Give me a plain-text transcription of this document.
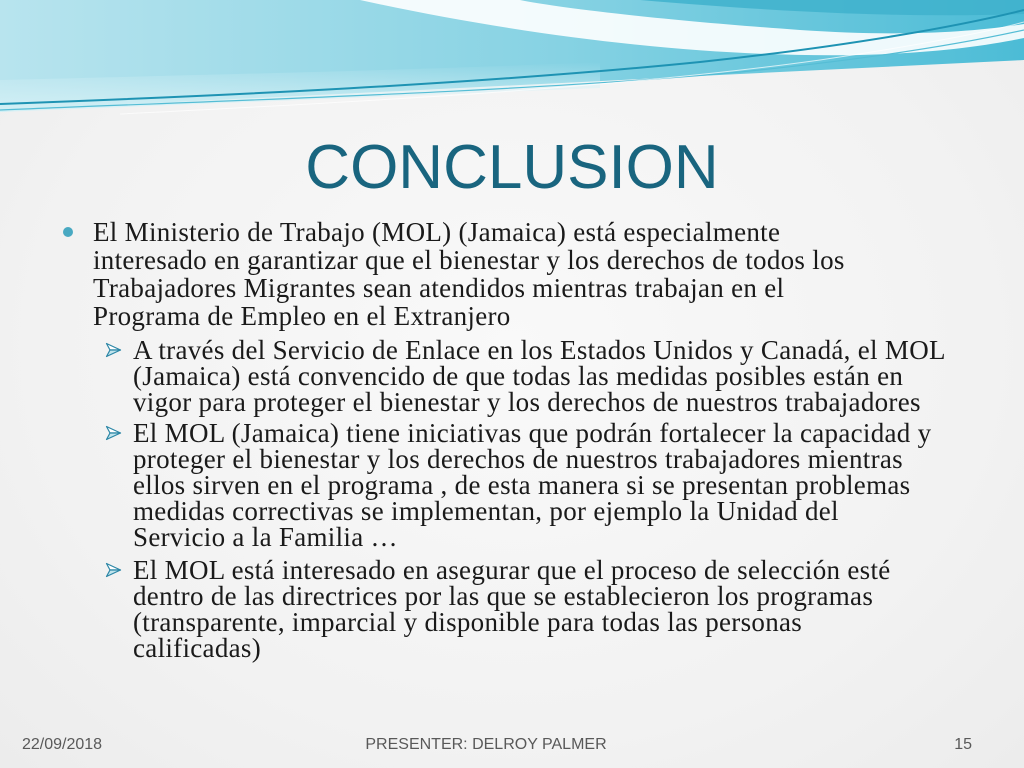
CONCLUSION
El Ministerio de Trabajo (MOL) (Jamaica) está especialmente
interesado en garantizar que el bienestar y los derechos de todos los
Trabajadores Migrantes sean atendidos mientras trabajan en el
Programa de Empleo en el Extranjero
A través del Servicio de Enlace en los Estados Unidos y Canadá, el MOL
(Jamaica) está convencido de que todas las medidas posibles están en
vigor para proteger el bienestar y los derechos de nuestros trabajadores
El MOL (Jamaica) tiene iniciativas que podrán fortalecer la capacidad y
proteger el bienestar y los derechos de nuestros trabajadores mientras
ellos sirven en el programa , de esta manera si se presentan problemas
medidas correctivas se implementan, por ejemplo la Unidad del
Servicio a la Familia …
El MOL está interesado en asegurar que el proceso de selección esté
dentro de las directrices por las que se establecieron los programas
(transparente, imparcial y disponible para todas las personas
calificadas)
22/09/2018	PRESENTER: DELROY PALMER	15
